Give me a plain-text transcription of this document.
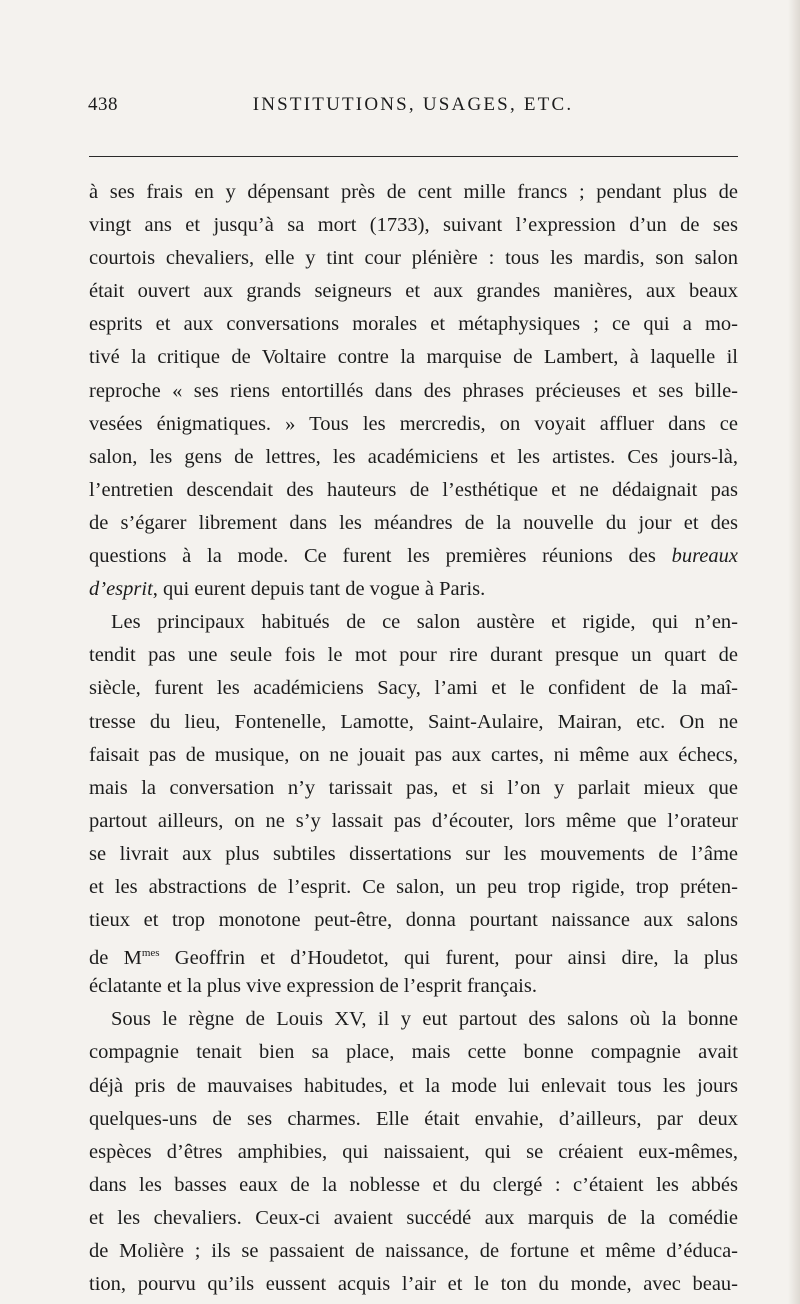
438	INSTITUTIONS, USAGES, ETC.
à ses frais en y dépensant près de cent mille francs ; pendant plus de
vingt ans et jusqu’à sa mort (1733), suivant l’expression d’un de ses
courtois chevaliers, elle y tint cour plénière : tous les mardis, son salon
était ouvert aux grands seigneurs et aux grandes manières, aux beaux
esprits et aux conversations morales et métaphysiques ; ce qui a mo-
tivé la critique de Voltaire contre la marquise de Lambert, à laquelle il
reproche « ses riens entortillés dans des phrases précieuses et ses bille-
vesées énigmatiques. » Tous les mercredis, on voyait affluer dans ce
salon, les gens de lettres, les académiciens et les artistes. Ces jours-là,
l’entretien descendait des hauteurs de l’esthétique et ne dédaignait pas
de s’égarer librement dans les méandres de la nouvelle du jour et des
questions à la mode. Ce furent les premières réunions des bureaux
d’esprit, qui eurent depuis tant de vogue à Paris.
Les principaux habitués de ce salon austère et rigide, qui n’en-
tendit pas une seule fois le mot pour rire durant presque un quart de
siècle, furent les académiciens Sacy, l’ami et le confident de la maî-
tresse du lieu, Fontenelle, Lamotte, Saint-Aulaire, Mairan, etc. On ne
faisait pas de musique, on ne jouait pas aux cartes, ni même aux échecs,
mais la conversation n’y tarissait pas, et si l’on y parlait mieux que
partout ailleurs, on ne s’y lassait pas d’écouter, lors même que l’orateur
se livrait aux plus subtiles dissertations sur les mouvements de l’âme
et les abstractions de l’esprit. Ce salon, un peu trop rigide, trop préten-
tieux et trop monotone peut-être, donna pourtant naissance aux salons
de $M^{mes}$ Geoffrin et d’Houdetot, qui furent, pour ainsi dire, la plus
éclatante et la plus vive expression de l’esprit français.
Sous le règne de Louis XV, il y eut partout des salons où la bonne
compagnie tenait bien sa place, mais cette bonne compagnie avait
déjà pris de mauvaises habitudes, et la mode lui enlevait tous les jours
quelques-uns de ses charmes. Elle était envahie, d’ailleurs, par deux
espèces d’êtres amphibies, qui naissaient, qui se créaient eux-mêmes,
dans les basses eaux de la noblesse et du clergé : c’étaient les abbés
et les chevaliers. Ceux-ci avaient succédé aux marquis de la comédie
de Molière ; ils se passaient de naissance, de fortune et même d’éduca-
tion, pourvu qu’ils eussent acquis l’air et le ton du monde, avec beau-
